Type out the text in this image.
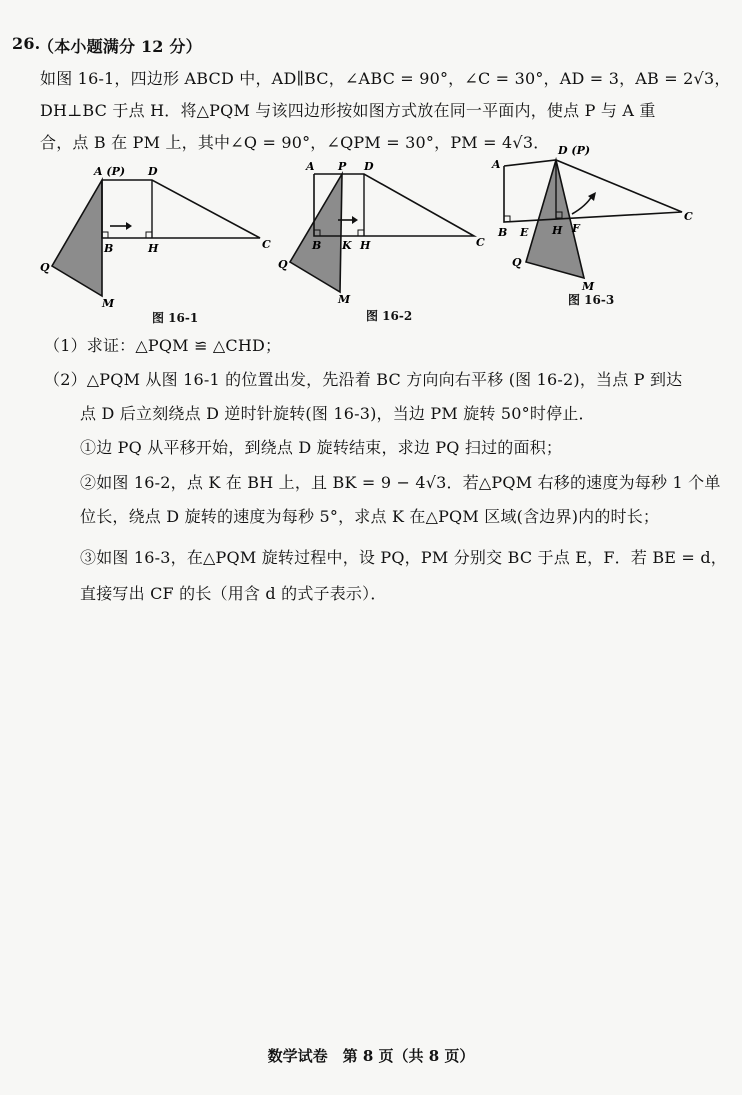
26.
（本小题满分 12 分）
如图 16-1，四边形 ABCD 中，AD∥BC，∠ABC = 90°，∠C = 30°，AD = 3，AB = 2√3，
DH⊥BC 于点 H．将△PQM 与该四边形按如图方式放在同一平面内，使点 P 与 A 重
合，点 B 在 PM 上，其中∠Q = 90°，∠QPM = 30°，PM = 4√3．
A (P) D
B	H	C
Q
M
图 16-1
A P D
B K H	C
Q
M
图 16-2
A
D (P)
B E H F
C
Q
M
图 16-3
（1）求证：△PQM ≌ △CHD；
（2）△PQM 从图 16-1 的位置出发，先沿着 BC 方向向右平移 (图 16-2)，当点 P 到达
点 D 后立刻绕点 D 逆时针旋转(图 16-3)，当边 PM 旋转 50°时停止．
①边 PQ 从平移开始，到绕点 D 旋转结束，求边 PQ 扫过的面积；
②如图 16-2，点 K 在 BH 上，且 BK = 9 − 4√3．若△PQM 右移的速度为每秒 1 个单
位长，绕点 D 旋转的速度为每秒 5°，求点 K 在△PQM 区域(含边界)内的时长；
③如图 16-3，在△PQM 旋转过程中，设 PQ，PM 分别交 BC 于点 E，F．若 BE = d，
直接写出 CF 的长（用含 d 的式子表示）．
数学试卷　第 8 页（共 8 页）
